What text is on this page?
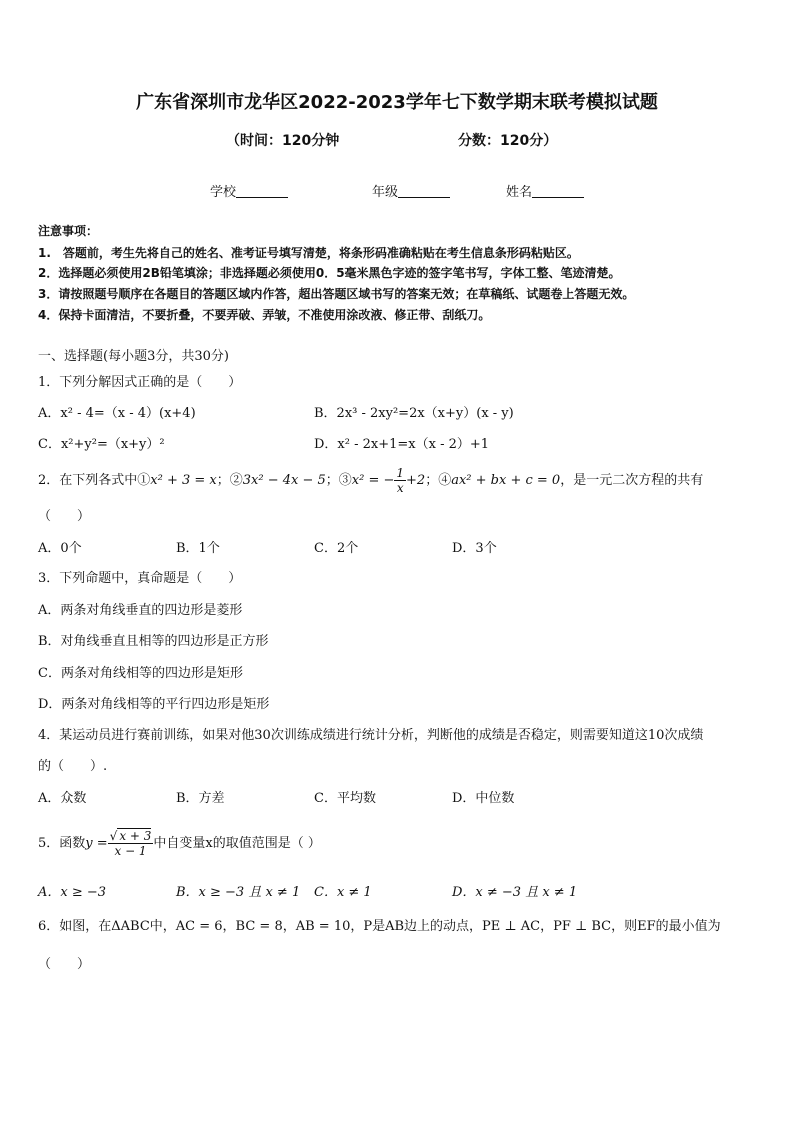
广东省深圳市龙华区2022-2023学年七下数学期末联考模拟试题
（时间：120分钟	分数：120分）
学校	年级	姓名
注意事项：
1.　答题前，考生先将自己的姓名、准考证号填写清楚，将条形码准确粘贴在考生信息条形码粘贴区。
2．选择题必须使用2B铅笔填涂；非选择题必须使用0．5毫米黑色字迹的签字笔书写，字体工整、笔迹清楚。
3．请按照题号顺序在各题目的答题区域内作答，超出答题区域书写的答案无效；在草稿纸、试题卷上答题无效。
4．保持卡面清洁，不要折叠，不要弄破、弄皱，不准使用涂改液、修正带、刮纸刀。
一、选择题(每小题3分，共30分)
1．下列分解因式正确的是（　　）
A．x² - 4=（x - 4）(x+4)	B．2x³ - 2xy²=2x（x+y）(x - y)
C．x²+y²=（x+y）²	D．x² - 2x+1=x（x - 2）+1
2．在下列各式中①x² + 3 = x；②3x² − 4x − 5；③x² = − $\frac{1}{x} +2$；④ax² + bx + c = 0，是一元二次方程的共有
（　　）
A．0个	B．1个	C．2个	D．3个
3．下列命题中，真命题是（　　）
A．两条对角线垂直的四边形是菱形
B．对角线垂直且相等的四边形是正方形
C．两条对角线相等的四边形是矩形
D．两条对角线相等的平行四边形是矩形
4．某运动员进行赛前训练，如果对他30次训练成绩进行统计分析，判断他的成绩是否稳定，则需要知道这10次成绩
的（　　）.
A．众数	B．方差	C．平均数	D．中位数
5．函数$y = \frac{√ x + 3}{x - 1}$ 中自变量x的取值范围是（ ）
A．x ≥ −3	B．x ≥ −3 且 x ≠ 1 C．x ≠ 1	D．x ≠ −3 且 x ≠ 1
6．如图，在ΔABC中，AC = 6，BC = 8，AB = 10，P是AB边上的动点，PE ⊥ AC，PF ⊥ BC，则EF的最小值为
（　　）
